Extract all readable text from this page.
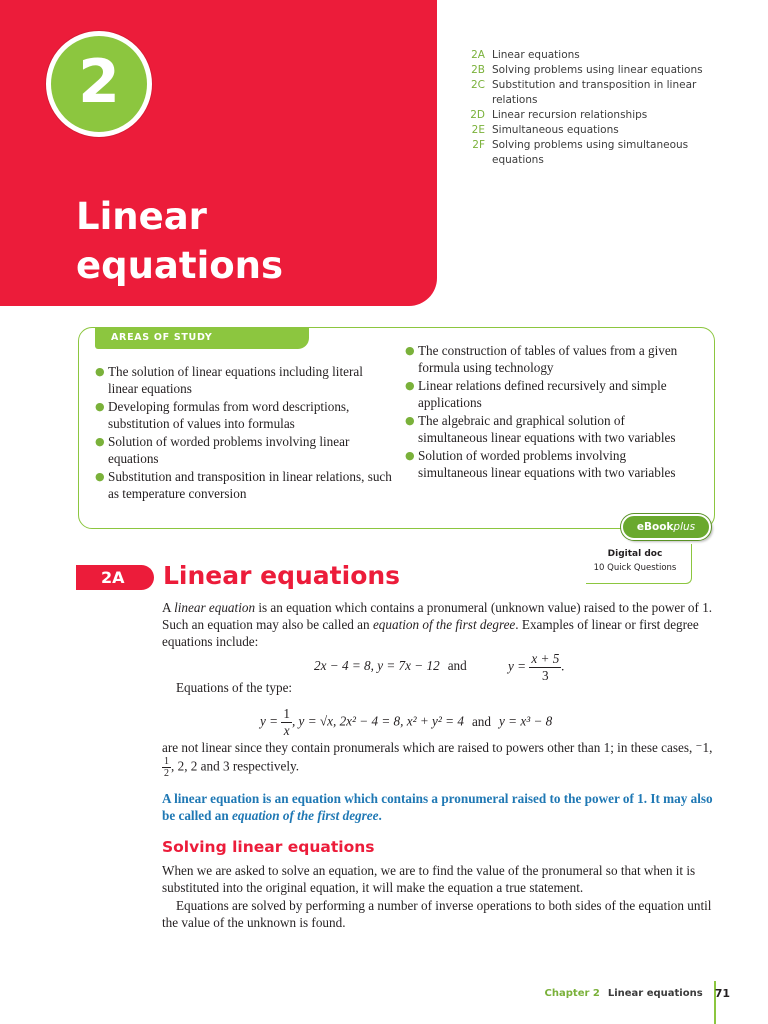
2
Linear
equations
2A Linear equations
2B Solving problems using linear equations
2C Substitution and transposition in linear relations
2D Linear recursion relationships
2E Simultaneous equations
2F Solving problems using simultaneous equations
AREAS OF STUDY
● The solution of linear equations including literal linear equations
● Developing formulas from word descriptions, substitution of values into formulas
● Solution of worded problems involving linear equations
● Substitution and transposition in linear relations, such as temperature conversion
● The construction of tables of values from a given formula using technology
● Linear relations defined recursively and simple applications
● The algebraic and graphical solution of simultaneous linear equations with two variables
● Solution of worded problems involving simultaneous linear equations with two variables
eBookplus
Digital doc
10 Quick Questions
2A	Linear equations
A linear equation is an equation which contains a pronumeral (unknown value) raised to the power of 1. Such an equation may also be called an equation of the first degree. Examples of linear or first degree equations include:
2x − 4 = 8, y = 7x − 12 and	$y = \frac{x + 5}{3}$ .
Equations of the type:
$y = \frac{1}{x}$ , y = √x, 2x² − 4 = 8, x² + y² = 4 and y = x³ − 8
are not linear since they contain pronumerals which are raised to powers other than 1; in these cases, ⁻1,
$\frac{1}{2}$ , 2, 2 and 3 respectively.
A linear equation is an equation which contains a pronumeral raised to the power of 1. It may also be called an equation of the first degree.
Solving linear equations
When we are asked to solve an equation, we are to find the value of the pronumeral so that when it is substituted into the original equation, it will make the equation a true statement.
Equations are solved by performing a number of inverse operations to both sides of the equation until the value of the unknown is found.
Chapter 2 Linear equations 71
